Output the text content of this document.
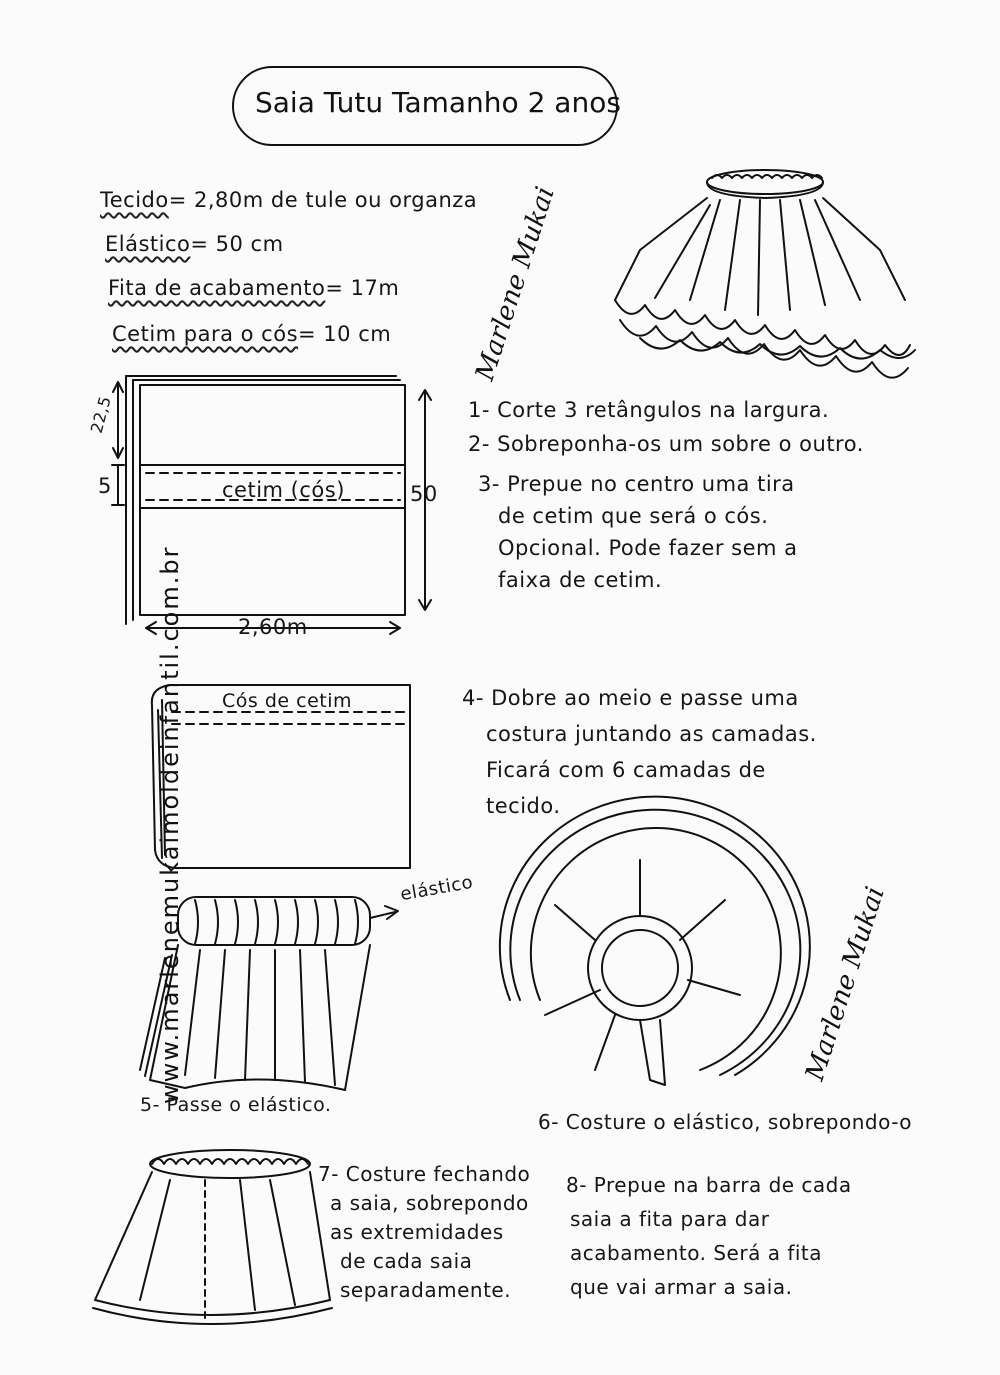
Saia Tutu Tamanho 2 anos
Tecido= 2,80m de tule ou organza
Elástico= 50 cm
Fita de acabamento= 17m
Cetim para o cós= 10 cm	Marlene Mukai
Marlene Mukai
www.marlenemukaimoldeinfantil.com.br
22,5
5	50
2,60m
cetim (cós)
Cós de cetim
elástico
1- Corte 3 retângulos na largura.
2- Sobreponha-os um sobre o outro.

3- Prepue no centro uma tira

de cetim que será o cós.

Opcional. Pode fazer sem a

faixa de cetim.

4- Dobre ao meio e passe uma

costura juntando as camadas.

Ficará com 6 camadas de

tecido.

5- Passe o elástico.
6- Costure o elástico, sobrepondo-o

7- Costure fechando

a saia, sobrepondo

as extremidades

de cada saia

separadamente.

8- Prepue na barra de cada

saia a fita para dar

acabamento. Será a fita

que vai armar a saia.
